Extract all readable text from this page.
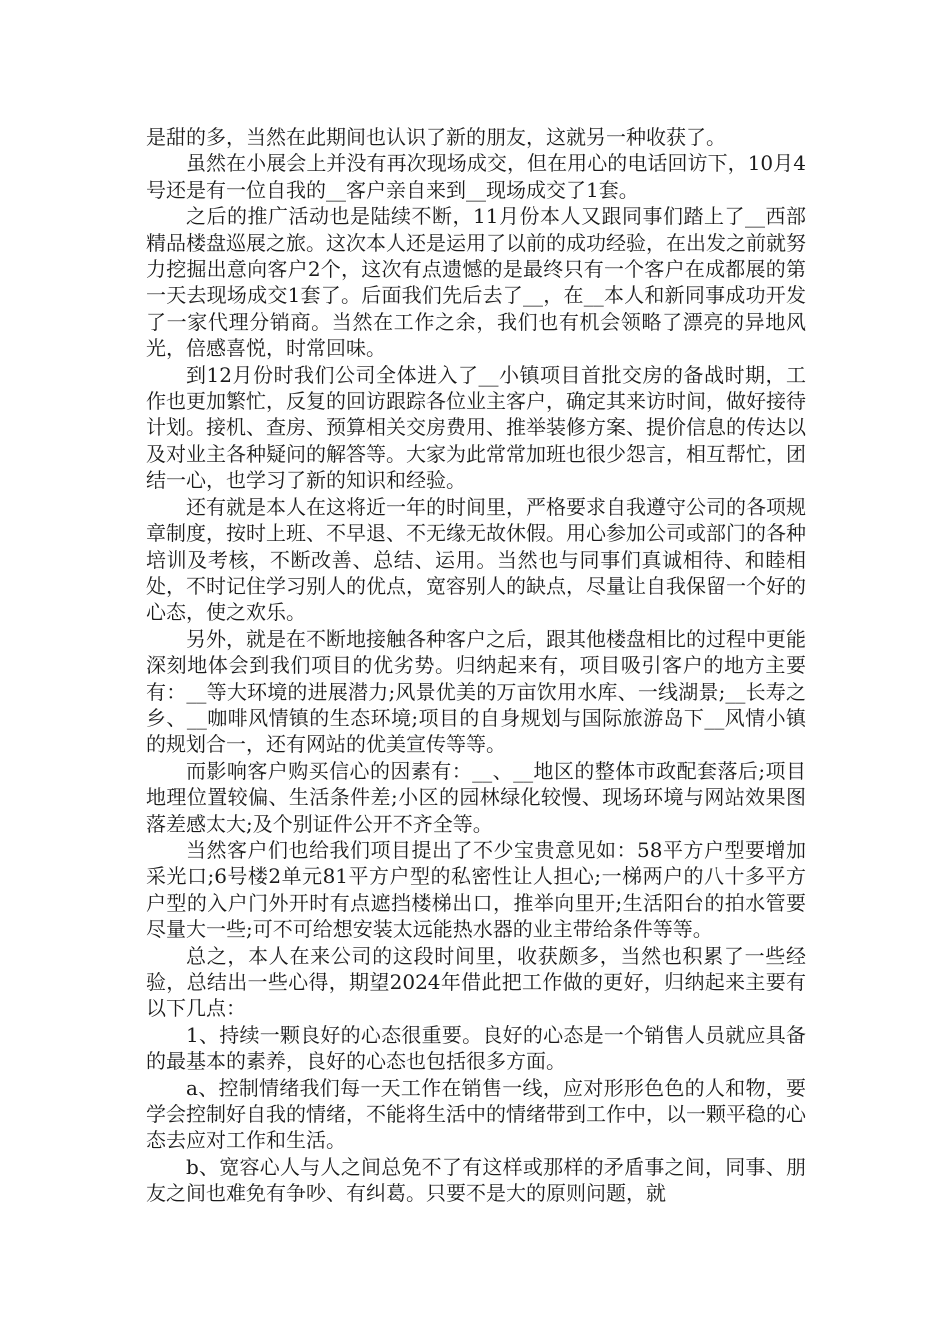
是甜的多，当然在此期间也认识了新的朋友，这就另一种收获了。

虽然在小展会上并没有再次现场成交，但在用心的电话回访下，10月4号还是有一位自我的__客户亲自来到__现场成交了1套。

之后的推广活动也是陆续不断，11月份本人又跟同事们踏上了__西部精品楼盘巡展之旅。这次本人还是运用了以前的成功经验，在出发之前就努力挖掘出意向客户2个，这次有点遗憾的是最终只有一个客户在成都展的第一天去现场成交1套了。后面我们先后去了__，在__本人和新同事成功开发了一家代理分销商。当然在工作之余，我们也有机会领略了漂亮的异地风光，倍感喜悦，时常回味。

到12月份时我们公司全体进入了__小镇项目首批交房的备战时期，工作也更加繁忙，反复的回访跟踪各位业主客户，确定其来访时间，做好接待计划。接机、查房、预算相关交房费用、推举装修方案、提价信息的传达以及对业主各种疑问的解答等。大家为此常常加班也很少怨言，相互帮忙，团结一心，也学习了新的知识和经验。

还有就是本人在这将近一年的时间里，严格要求自我遵守公司的各项规章制度，按时上班、不早退、不无缘无故休假。用心参加公司或部门的各种培训及考核，不断改善、总结、运用。当然也与同事们真诚相待、和睦相处，不时记住学习别人的优点，宽容别人的缺点，尽量让自我保留一个好的心态，使之欢乐。

另外，就是在不断地接触各种客户之后，跟其他楼盘相比的过程中更能深刻地体会到我们项目的优劣势。归纳起来有，项目吸引客户的地方主要有：__等大环境的进展潜力;风景优美的万亩饮用水库、一线湖景;__长寿之乡、__咖啡风情镇的生态环境;项目的自身规划与国际旅游岛下__风情小镇的规划合一，还有网站的优美宣传等等。

而影响客户购买信心的因素有：__、__地区的整体市政配套落后;项目地理位置较偏、生活条件差;小区的园林绿化较慢、现场环境与网站效果图落差感太大;及个别证件公开不齐全等。

当然客户们也给我们项目提出了不少宝贵意见如：58平方户型要增加采光口;6号楼2单元81平方户型的私密性让人担心;一梯两户的八十多平方户型的入户门外开时有点遮挡楼梯出口，推举向里开;生活阳台的拍水管要尽量大一些;可不可给想安装太远能热水器的业主带给条件等等。

总之，本人在来公司的这段时间里，收获颇多，当然也积累了一些经验，总结出一些心得，期望2024年借此把工作做的更好，归纳起来主要有以下几点：

1、持续一颗良好的心态很重要。良好的心态是一个销售人员就应具备的最基本的素养，良好的心态也包括很多方面。

a、控制情绪我们每一天工作在销售一线，应对形形色色的人和物，要学会控制好自我的情绪，不能将生活中的情绪带到工作中，以一颗平稳的心态去应对工作和生活。

b、宽容心人与人之间总免不了有这样或那样的矛盾事之间，同事、朋友之间也难免有争吵、有纠葛。只要不是大的原则问题，就
